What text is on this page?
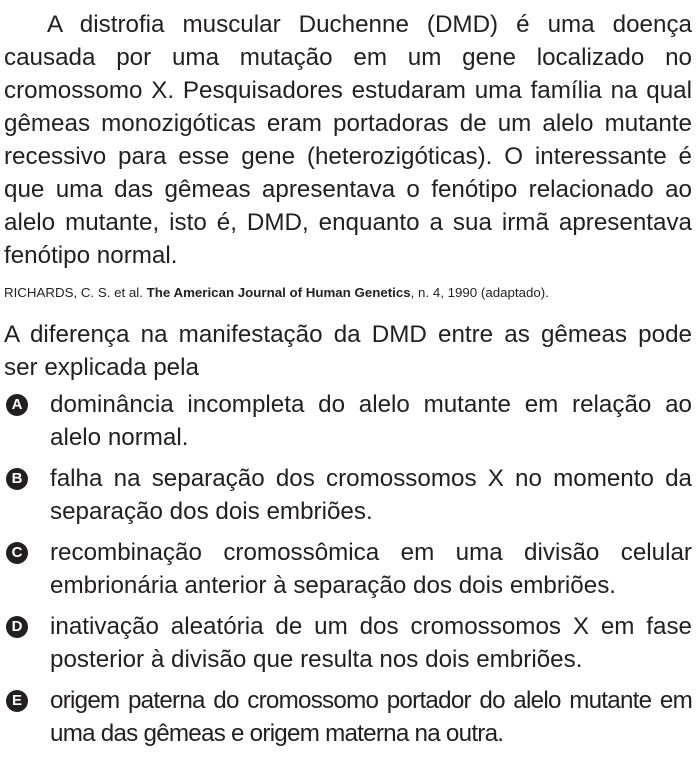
A distrofia muscular Duchenne (DMD) é uma doença causada por uma mutação em um gene localizado no cromossomo X. Pesquisadores estudaram uma família na qual gêmeas monozigóticas eram portadoras de um alelo mutante recessivo para esse gene (heterozigóticas). O interessante é que uma das gêmeas apresentava o fenótipo relacionado ao alelo mutante, isto é, DMD, enquanto a sua irmã apresentava fenótipo normal.

RICHARDS, C. S. et al. The American Journal of Human Genetics, n. 4, 1990 (adaptado).

A diferença na manifestação da DMD entre as gêmeas pode ser explicada pela

A dominância incompleta do alelo mutante em relação ao alelo normal.
B falha na separação dos cromossomos X no momento da separação dos dois embriões.
C recombinação cromossômica em uma divisão celular embrionária anterior à separação dos dois embriões.
D inativação aleatória de um dos cromossomos X em fase posterior à divisão que resulta nos dois embriões.
E origem paterna do cromossomo portador do alelo mutante em uma das gêmeas e origem materna na outra.
